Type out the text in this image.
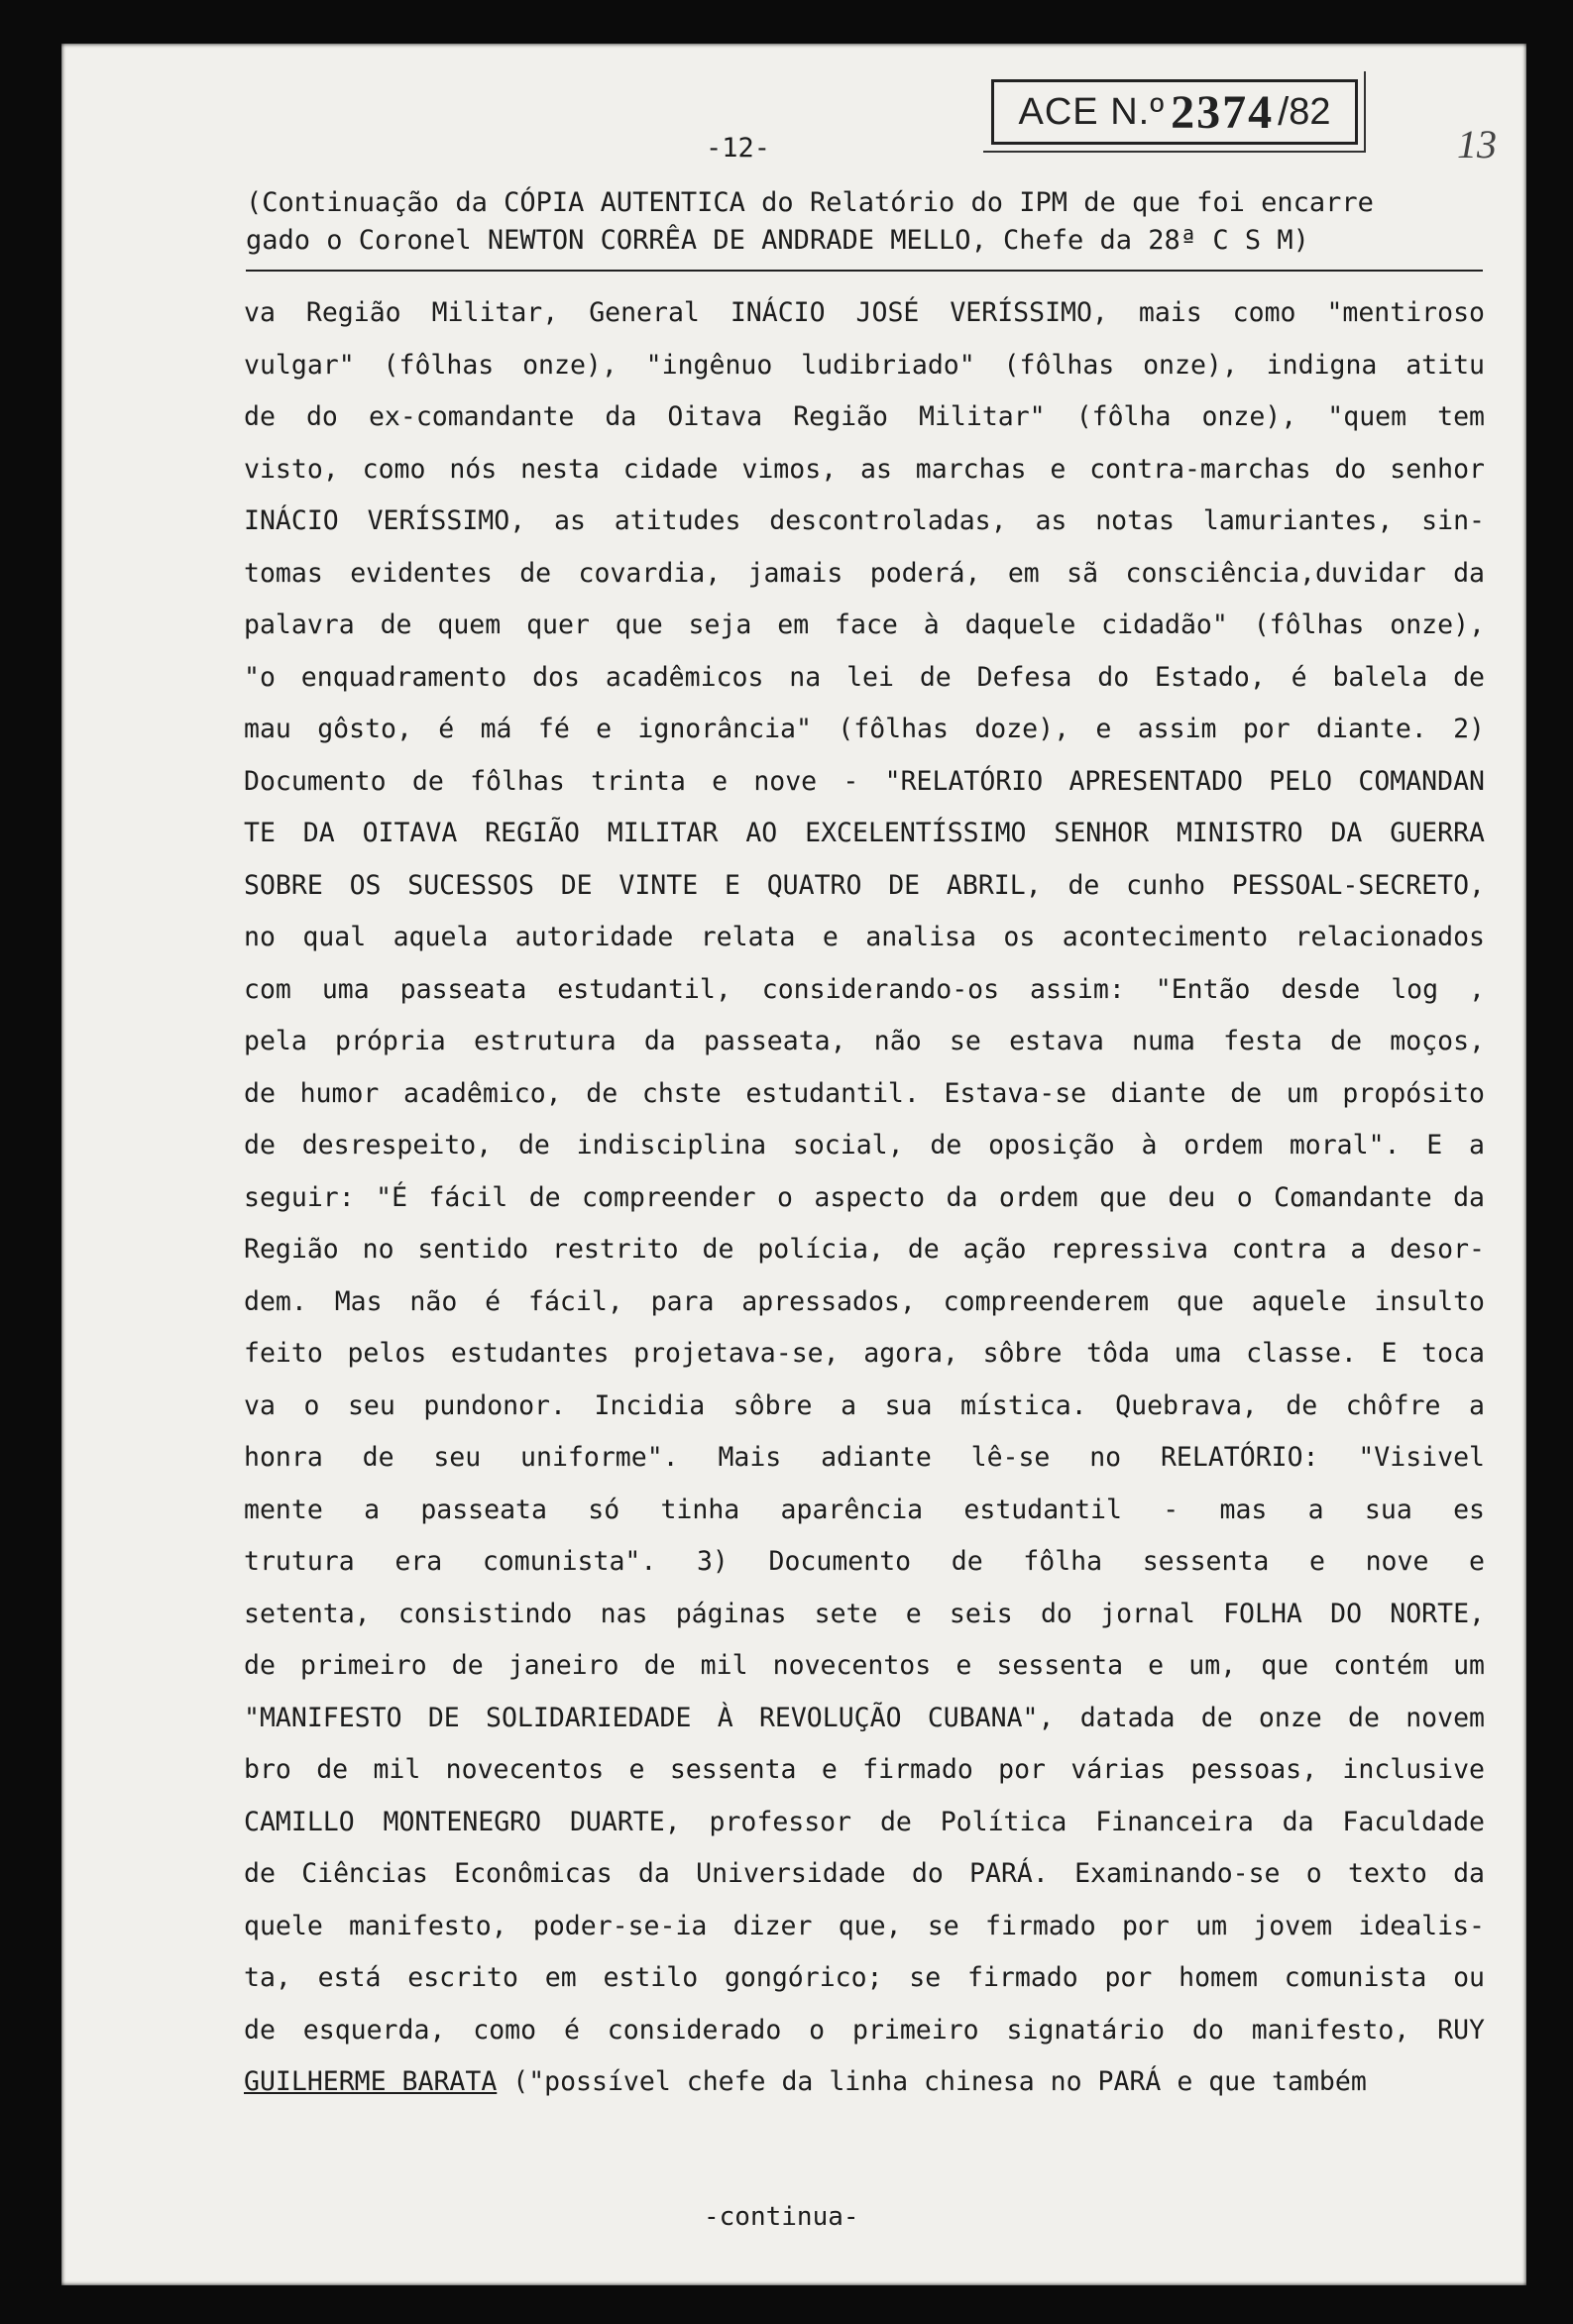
ACE N.º 2374 / 82
13
-12-
(Continuação da CÓPIA AUTENTICA do Relatório do IPM de que foi encarre
gado o Coronel NEWTON CORRÊA DE ANDRADE MELLO, Chefe da 28ª C S M)
va Região Militar, General INÁCIO JOSÉ VERÍSSIMO, mais como "mentiroso
vulgar" (fôlhas onze), "ingênuo ludibriado" (fôlhas onze), indigna atitu
de do ex-comandante da Oitava Região Militar" (fôlha onze), "quem tem
visto, como nós nesta cidade vimos, as marchas e contra-marchas do senhor
INÁCIO VERÍSSIMO, as atitudes descontroladas, as notas lamuriantes, sin-
tomas evidentes de covardia, jamais poderá, em sã consciência,duvidar da
palavra de quem quer que seja em face à daquele cidadão" (fôlhas onze),
"o enquadramento dos acadêmicos na lei de Defesa do Estado, é balela de
mau gôsto, é má fé e ignorância" (fôlhas doze), e assim por diante. 2)
Documento de fôlhas trinta e nove - "RELATÓRIO APRESENTADO PELO COMANDAN
TE DA OITAVA REGIÃO MILITAR AO EXCELENTÍSSIMO SENHOR MINISTRO DA GUERRA
SOBRE OS SUCESSOS DE VINTE E QUATRO DE ABRIL, de cunho PESSOAL-SECRETO,
no qual aquela autoridade relata e analisa os acontecimento relacionados
com uma passeata estudantil, considerando-os assim: "Então desde log ,
pela própria estrutura da passeata, não se estava numa festa de moços,
de humor acadêmico, de chste estudantil. Estava-se diante de um propósito
de desrespeito, de indisciplina social, de oposição à ordem moral". E a
seguir: "É fácil de compreender o aspecto da ordem que deu o Comandante da
Região no sentido restrito de polícia, de ação repressiva contra a desor-
dem. Mas não é fácil, para apressados, compreenderem que aquele insulto
feito pelos estudantes projetava-se, agora, sôbre tôda uma classe. E toca
va o seu pundonor. Incidia sôbre a sua mística. Quebrava, de chôfre a
honra de seu uniforme". Mais adiante lê-se no RELATÓRIO: "Visivel
mente a passeata só tinha aparência estudantil - mas a sua es
trutura era comunista". 3) Documento de fôlha sessenta e nove e
setenta, consistindo nas páginas sete e seis do jornal FOLHA DO NORTE,
de primeiro de janeiro de mil novecentos e sessenta e um, que contém um
"MANIFESTO DE SOLIDARIEDADE À REVOLUÇÃO CUBANA", datada de onze de novem
bro de mil novecentos e sessenta e firmado por várias pessoas, inclusive
CAMILLO MONTENEGRO DUARTE, professor de Política Financeira da Faculdade
de Ciências Econômicas da Universidade do PARÁ. Examinando-se o texto da
quele manifesto, poder-se-ia dizer que, se firmado por um jovem idealis-
ta, está escrito em estilo gongórico; se firmado por homem comunista ou
de esquerda, como é considerado o primeiro signatário do manifesto, RUY
GUILHERME BARATA ("possível chefe da linha chinesa no PARÁ e que também
-continua-
